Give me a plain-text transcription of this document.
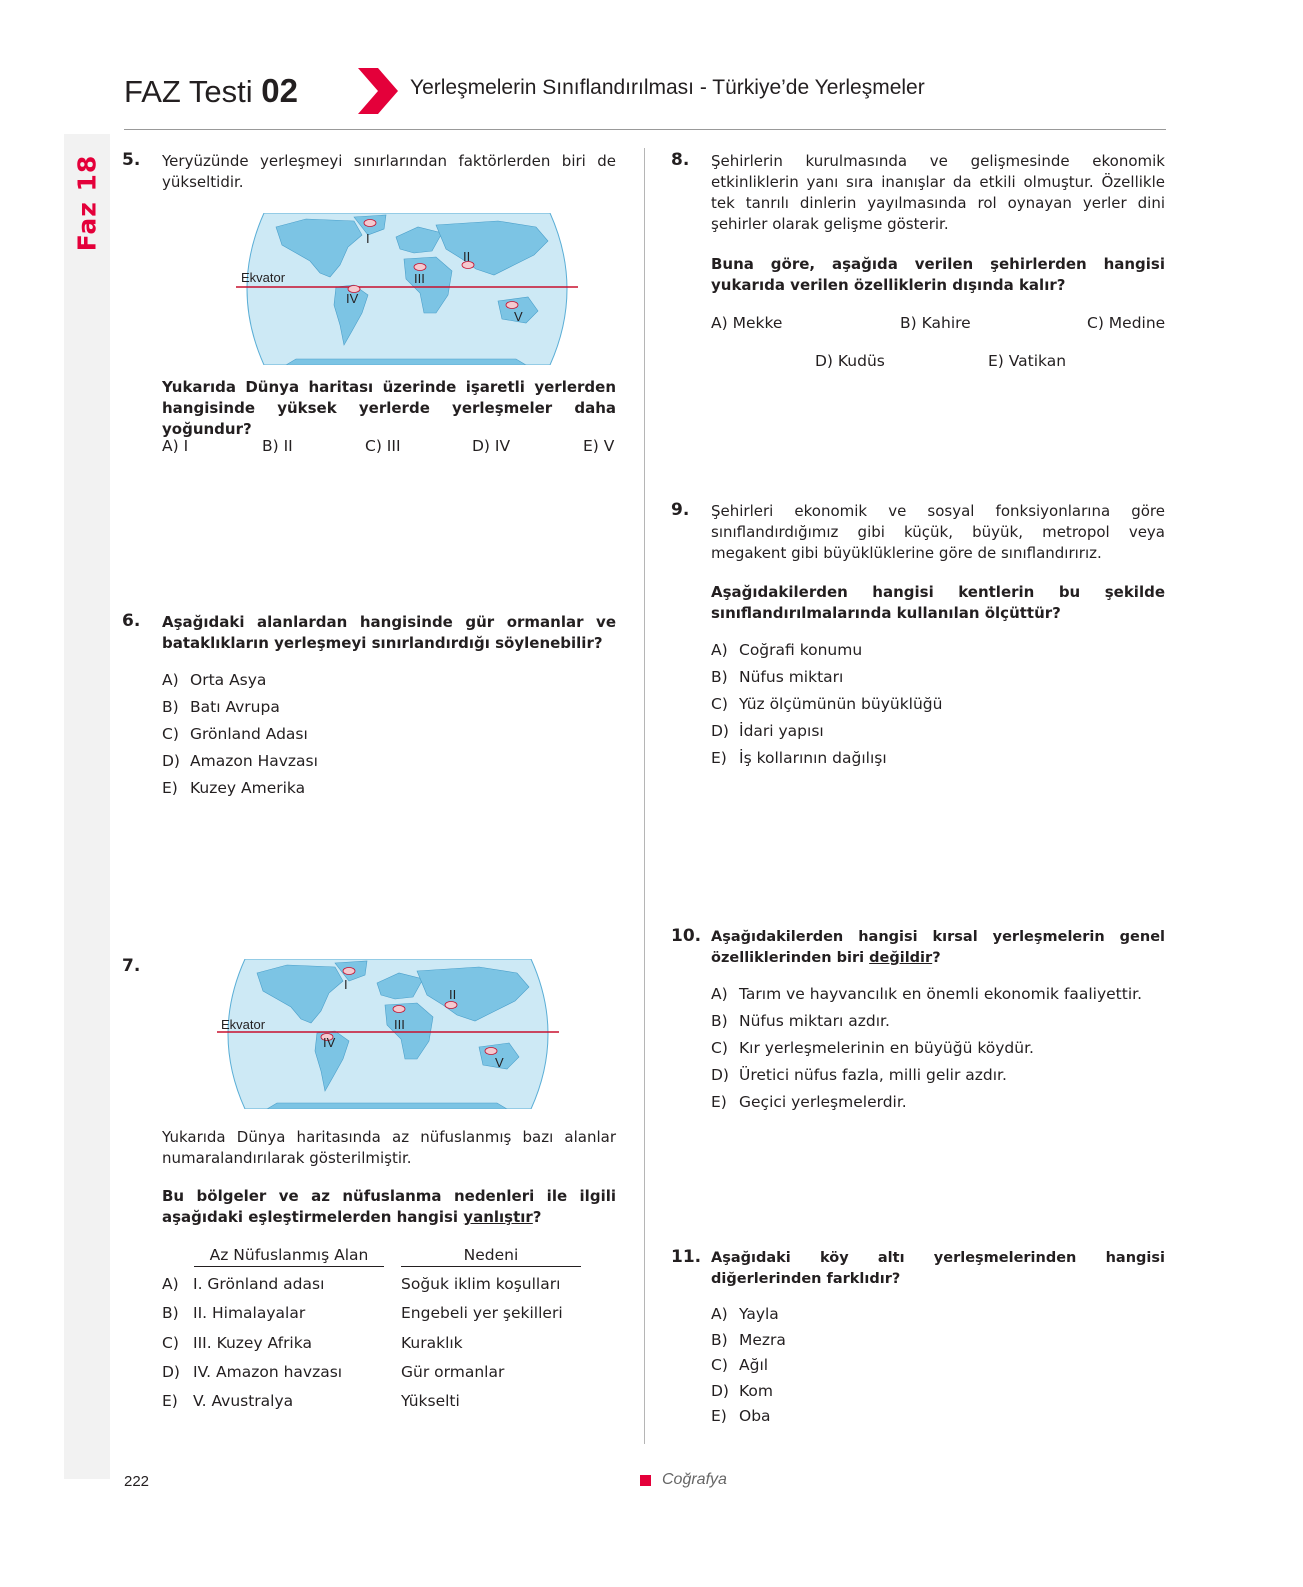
Faz 18
FAZ Testi 02	Yerleşmelerin Sınıflandırılması - Türkiye’de Yerleşmeler
5. Yeryüzünde yerleşmeyi sınırlarından faktörlerden biri de yükseltidir.
Ekvator
I
II
III
IV
V
Yukarıda Dünya haritası üzerinde işaretli yerlerden hangisinde yüksek yerlerde yerleşmeler daha yoğundur?
A) I	B) II	C) III	D) IV	E) V
6. Aşağıdaki alanlardan hangisinde gür ormanlar ve bataklıkların yerleşmeyi sınırlandırdığı söylenebilir?
A) Orta Asya
B) Batı Avrupa
C) Grönland Adası
D) Amazon Havzası
E) Kuzey Amerika
7.
Ekvator
I
II
III
IV
V
Yukarıda Dünya haritasında az nüfuslanmış bazı alanlar numaralandırılarak gösterilmiştir.
Bu bölgeler ve az nüfuslanma nedenleri ile ilgili aşağıdaki eşleştirmelerden hangisi yanlıştır?
Az Nüfuslanmış Alan	Nedeni
A) I. Grönland adası	Soğuk iklim koşulları
B) II. Himalayalar	Engebeli yer şekilleri
C) III. Kuzey Afrika	Kuraklık
D) IV. Amazon havzası	Gür ormanlar
E) V. Avustralya	Yükselti
8. Şehirlerin kurulmasında ve gelişmesinde ekonomik etkinliklerin yanı sıra inanışlar da etkili olmuştur. Özellikle tek tanrılı dinlerin yayılmasında rol oynayan yerler dini şehirler olarak gelişme gösterir.
Buna göre, aşağıda verilen şehirlerden hangisi yukarıda verilen özelliklerin dışında kalır?
A) Mekke	B) Kahire	C) Medine
D) Kudüs	E) Vatikan
9. Şehirleri ekonomik ve sosyal fonksiyonlarına göre sınıflandırdığımız gibi küçük, büyük, metropol veya megakent gibi büyüklüklerine göre de sınıflandırırız.
Aşağıdakilerden hangisi kentlerin bu şekilde sınıflandırılmalarında kullanılan ölçüttür?
A) Coğrafi konumu
B) Nüfus miktarı
C) Yüz ölçümünün büyüklüğü
D) İdari yapısı
E) İş kollarının dağılışı
10. Aşağıdakilerden hangisi kırsal yerleşmelerin genel özelliklerinden biri değildir?
A) Tarım ve hayvancılık en önemli ekonomik faaliyettir.
B) Nüfus miktarı azdır.
C) Kır yerleşmelerinin en büyüğü köydür.
D) Üretici nüfus fazla, milli gelir azdır.
E) Geçici yerleşmelerdir.
11. Aşağıdaki köy altı yerleşmelerinden hangisi diğerlerinden farklıdır?
A) Yayla
B) Mezra
C) Ağıl
D) Kom
E) Oba
222	Coğrafya
